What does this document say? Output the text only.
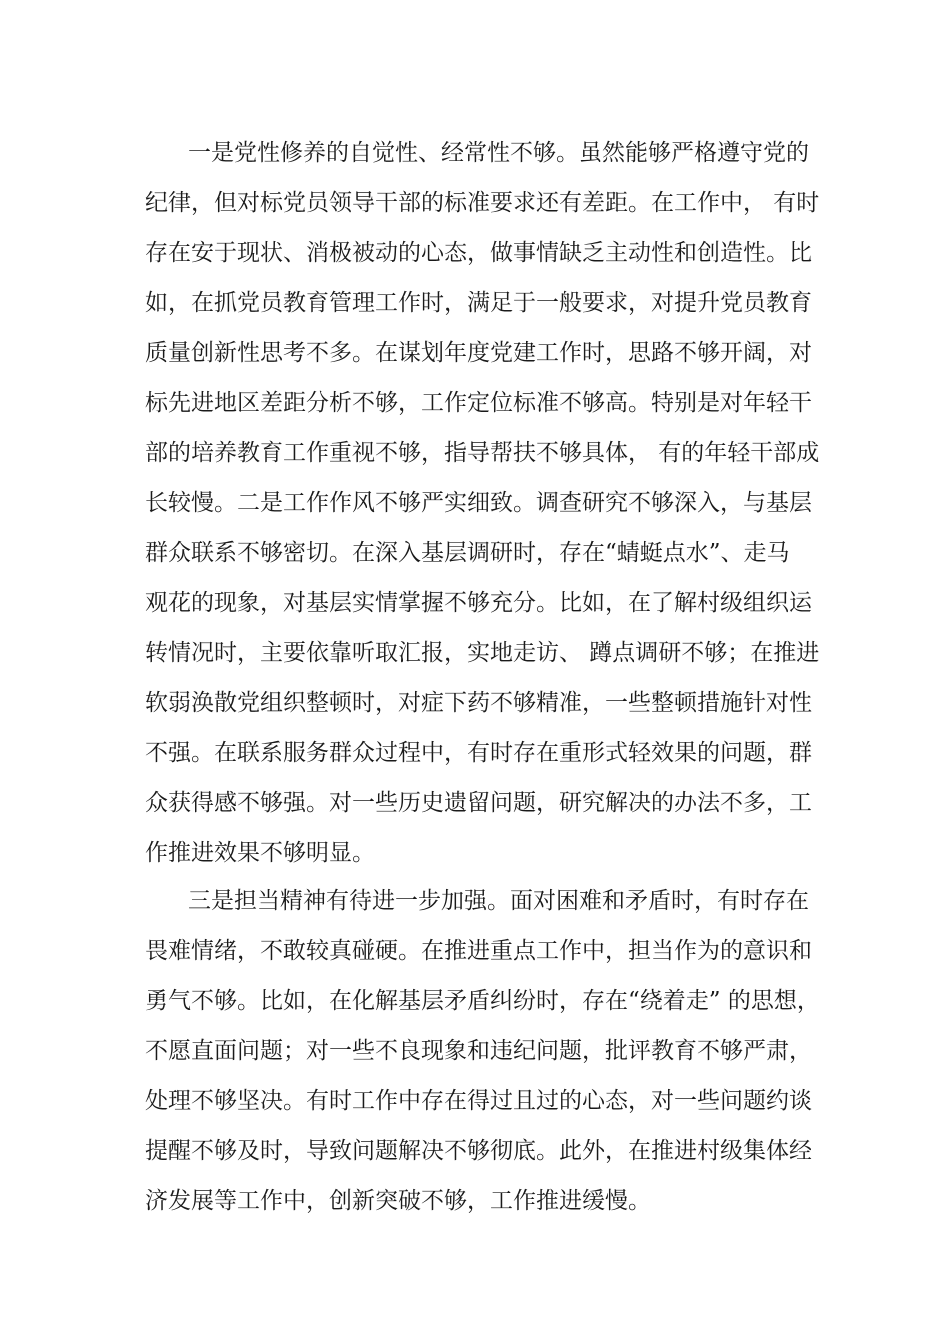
一是党性修养的自觉性、经常性不够。虽然能够严格遵守党的
纪律，但对标党员领导干部的标准要求还有差距。在工作中， 有时
存在安于现状、消极被动的心态，做事情缺乏主动性和创造性。比
如，在抓党员教育管理工作时，满足于一般要求，对提升党员教育
质量创新性思考不多。在谋划年度党建工作时，思路不够开阔，对
标先进地区差距分析不够，工作定位标准不够高。特别是对年轻干
部的培养教育工作重视不够，指导帮扶不够具体， 有的年轻干部成
长较慢。二是工作作风不够严实细致。调查研究不够深入，与基层
群众联系不够密切。在深入基层调研时，存在“蜻蜓点水”、走马
观花的现象，对基层实情掌握不够充分。比如，在了解村级组织运
转情况时，主要依靠听取汇报，实地走访、 蹲点调研不够；在推进
软弱涣散党组织整顿时，对症下药不够精准，一些整顿措施针对性
不强。在联系服务群众过程中，有时存在重形式轻效果的问题，群
众获得感不够强。对一些历史遗留问题，研究解决的办法不多，工
作推进效果不够明显。
三是担当精神有待进一步加强。面对困难和矛盾时，有时存在
畏难情绪，不敢较真碰硬。在推进重点工作中，担当作为的意识和
勇气不够。比如，在化解基层矛盾纠纷时，存在“绕着走” 的思想，
不愿直面问题；对一些不良现象和违纪问题，批评教育不够严肃，
处理不够坚决。有时工作中存在得过且过的心态，对一些问题约谈
提醒不够及时，导致问题解决不够彻底。此外，在推进村级集体经
济发展等工作中，创新突破不够，工作推进缓慢。
